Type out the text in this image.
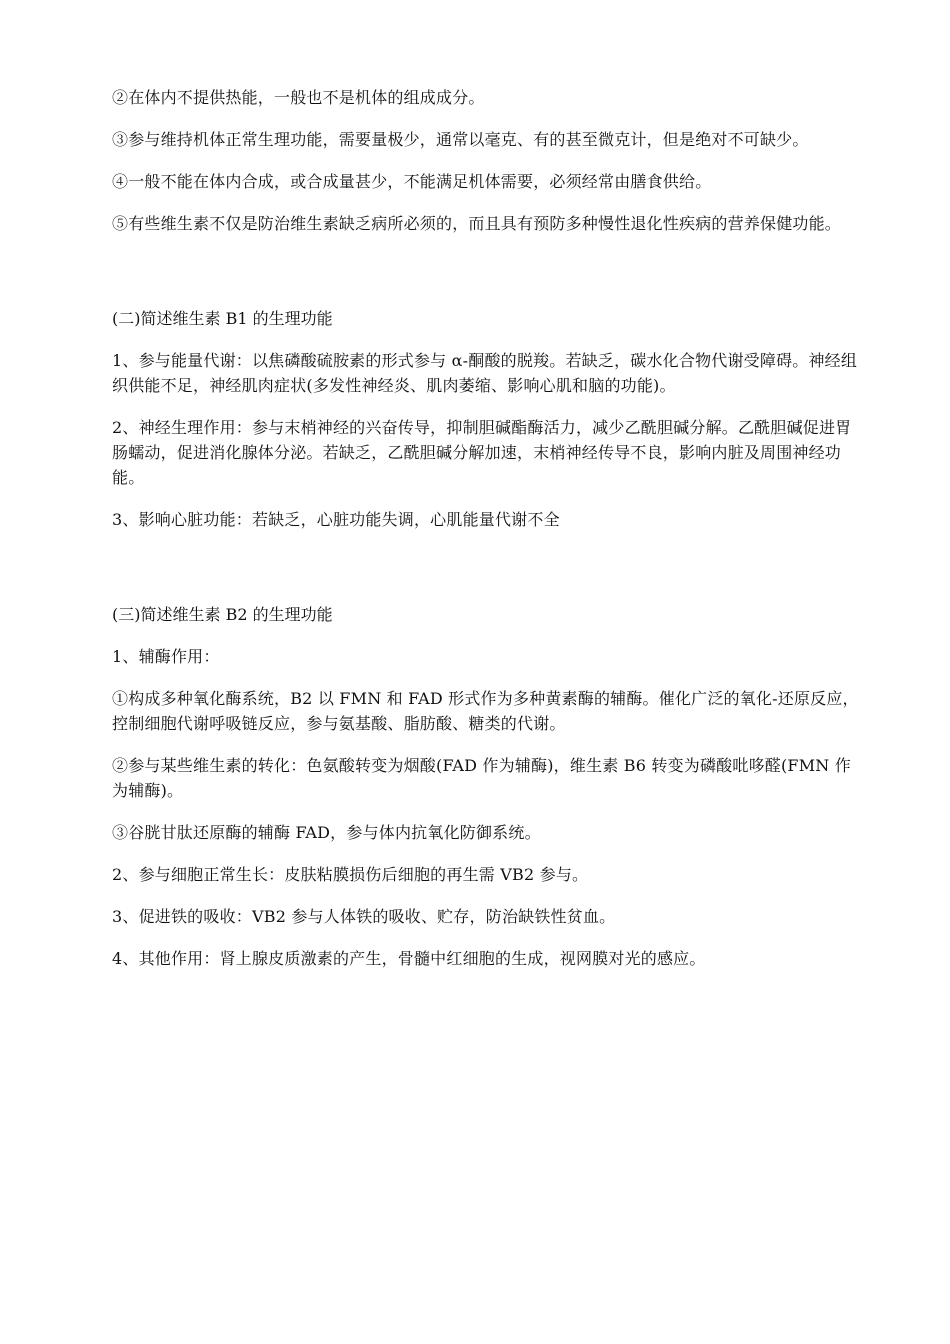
②在体内不提供热能，一般也不是机体的组成成分。

③参与维持机体正常生理功能，需要量极少，通常以毫克、有的甚至微克计，但是绝对不可缺少。

④一般不能在体内合成，或合成量甚少，不能满足机体需要，必须经常由膳食供给。

⑤有些维生素不仅是防治维生素缺乏病所必须的，而且具有预防多种慢性退化性疾病的营养保健功能。

(二)简述维生素 B1 的生理功能

1、参与能量代谢：以焦磷酸硫胺素的形式参与 α-酮酸的脱羧。若缺乏，碳水化合物代谢受障碍。神经组织供能不足，神经肌肉症状(多发性神经炎、肌肉萎缩、影响心肌和脑的功能)。

2、神经生理作用：参与末梢神经的兴奋传导，抑制胆碱酯酶活力，减少乙酰胆碱分解。乙酰胆碱促进胃肠蠕动，促进消化腺体分泌。若缺乏，乙酰胆碱分解加速，末梢神经传导不良，影响内脏及周围神经功能。

3、影响心脏功能：若缺乏，心脏功能失调，心肌能量代谢不全

(三)简述维生素 B2 的生理功能

1、辅酶作用：

①构成多种氧化酶系统，B2 以 FMN 和 FAD 形式作为多种黄素酶的辅酶。催化广泛的氧化-还原反应，控制细胞代谢呼吸链反应，参与氨基酸、脂肪酸、糖类的代谢。

②参与某些维生素的转化：色氨酸转变为烟酸(FAD 作为辅酶)，维生素 B6 转变为磷酸吡哆醛(FMN 作为辅酶)。

③谷胱甘肽还原酶的辅酶 FAD，参与体内抗氧化防御系统。

2、参与细胞正常生长：皮肤粘膜损伤后细胞的再生需 VB2 参与。

3、促进铁的吸收：VB2 参与人体铁的吸收、贮存，防治缺铁性贫血。

4、其他作用：肾上腺皮质激素的产生，骨髓中红细胞的生成，视网膜对光的感应。
